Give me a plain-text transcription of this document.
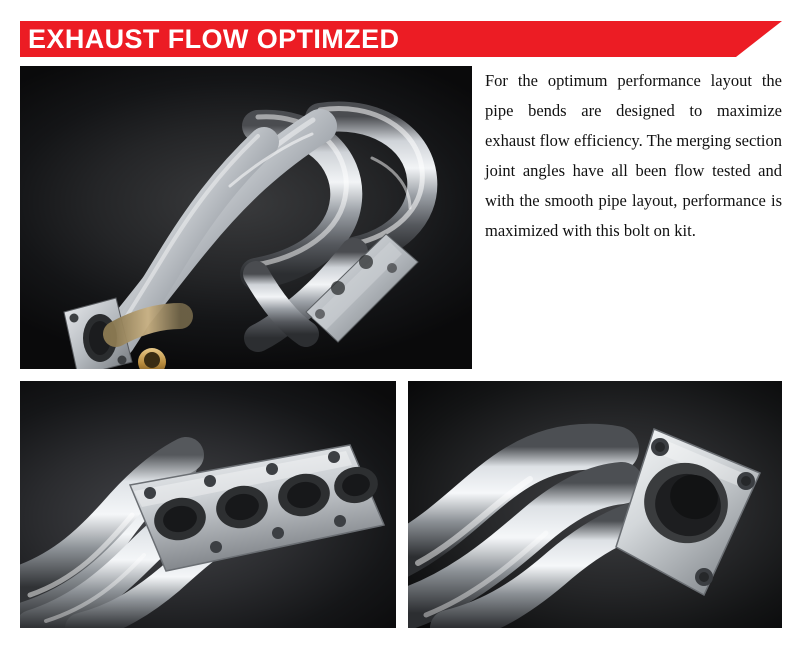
EXHAUST FLOW OPTIMZED

For the optimum performance layout the pipe bends are designed to maximize exhaust flow efficiency. The merging section joint angles have all been flow tested and with the smooth pipe layout, performance is maximized with this bolt on kit.
